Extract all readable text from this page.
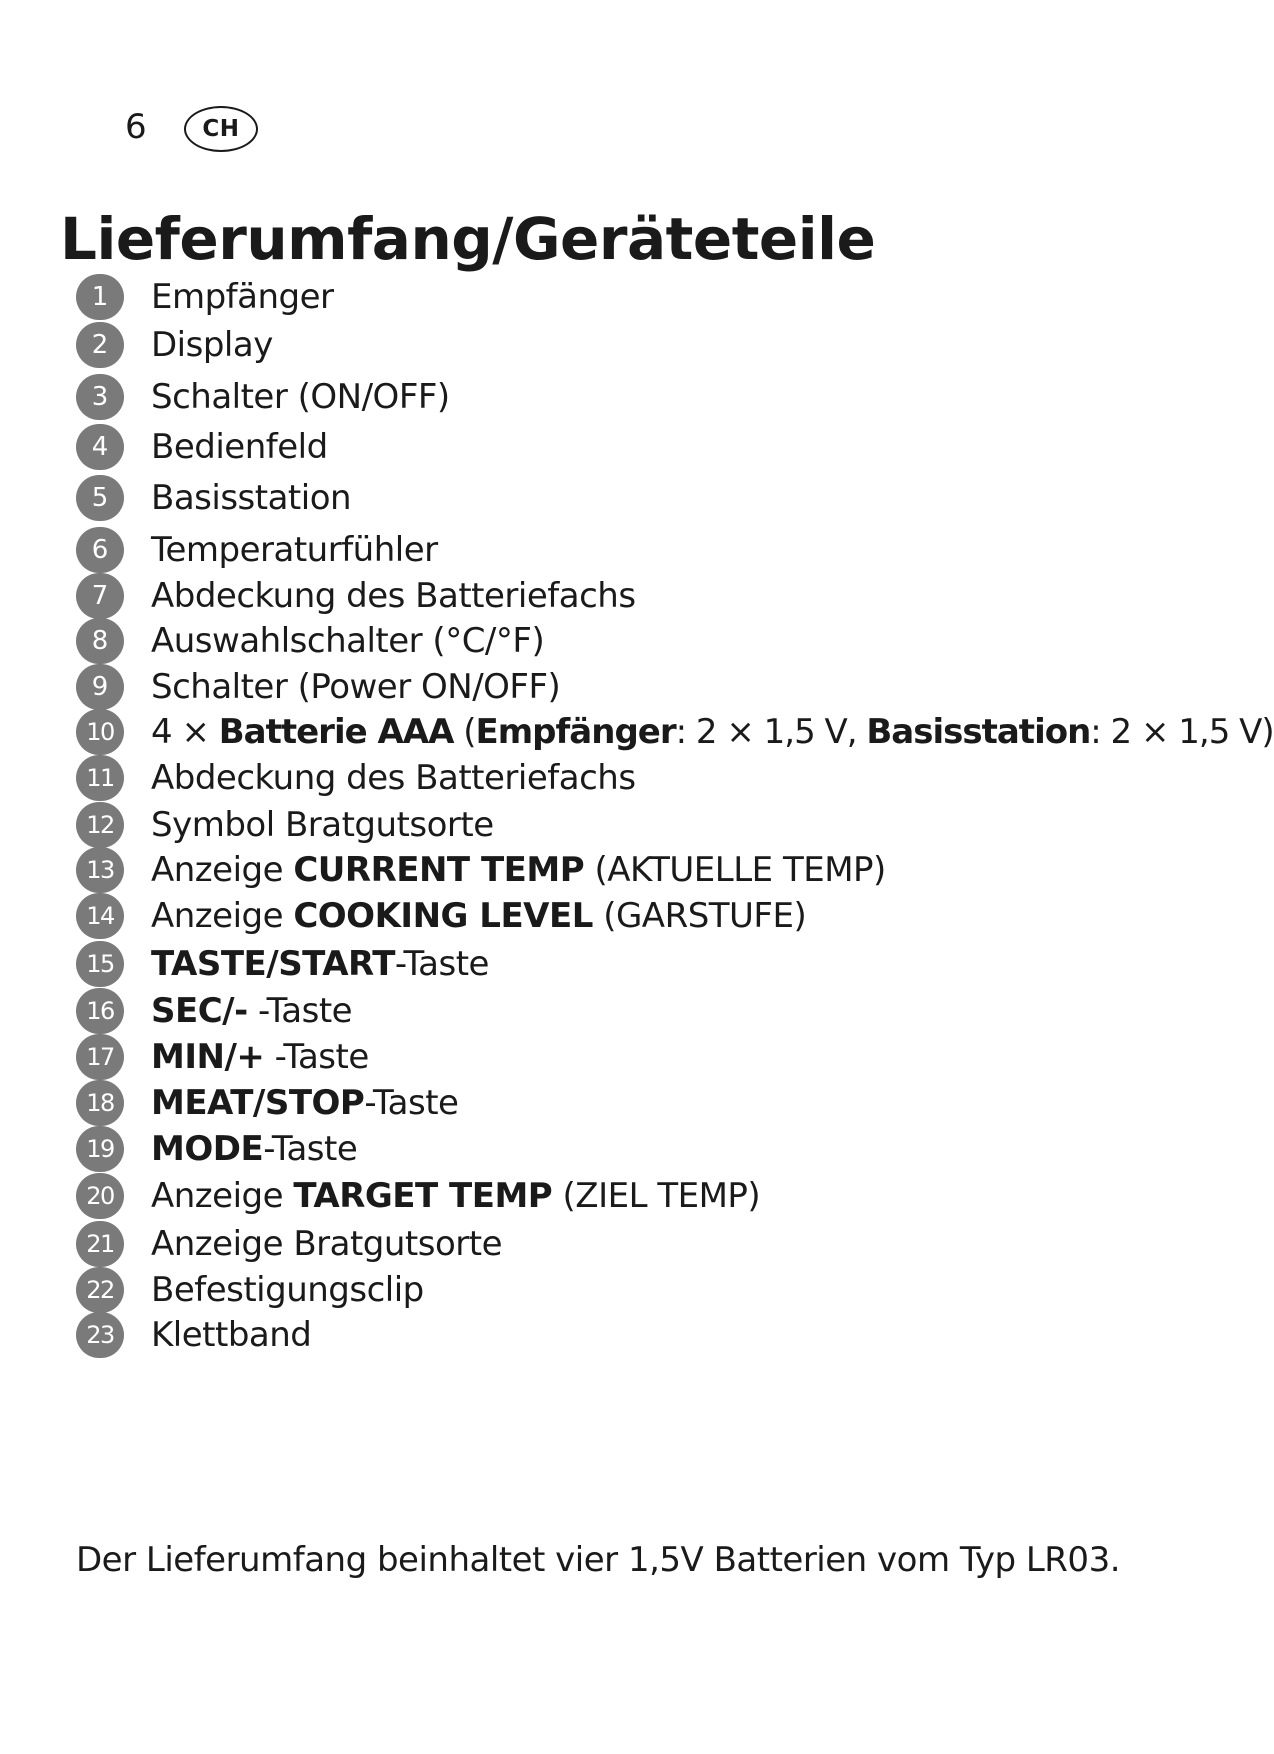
6	CH
Lieferumfang/Geräteteile
1	Empfänger
2	Display
3	Schalter (ON/OFF)
4	Bedienfeld
5	Basisstation
6	Temperaturfühler
7	Abdeckung des Batteriefachs
8	Auswahlschalter (°C/°F)
9	Schalter (Power ON/OFF)
10	4 × Batterie AAA (Empfänger: 2 × 1,5 V, Basisstation: 2 × 1,5 V)
11	Abdeckung des Batteriefachs
12	Symbol Bratgutsorte
13	Anzeige CURRENT TEMP (AKTUELLE TEMP)
14	Anzeige COOKING LEVEL (GARSTUFE)
15	TASTE/START-Taste
16	SEC/- -Taste
17	MIN/+ -Taste
18	MEAT/STOP-Taste
19	MODE-Taste
20	Anzeige TARGET TEMP (ZIEL TEMP)
21	Anzeige Bratgutsorte
22	Befestigungsclip
23	Klettband

Der Lieferumfang beinhaltet vier 1,5V Batterien vom Typ LR03.
